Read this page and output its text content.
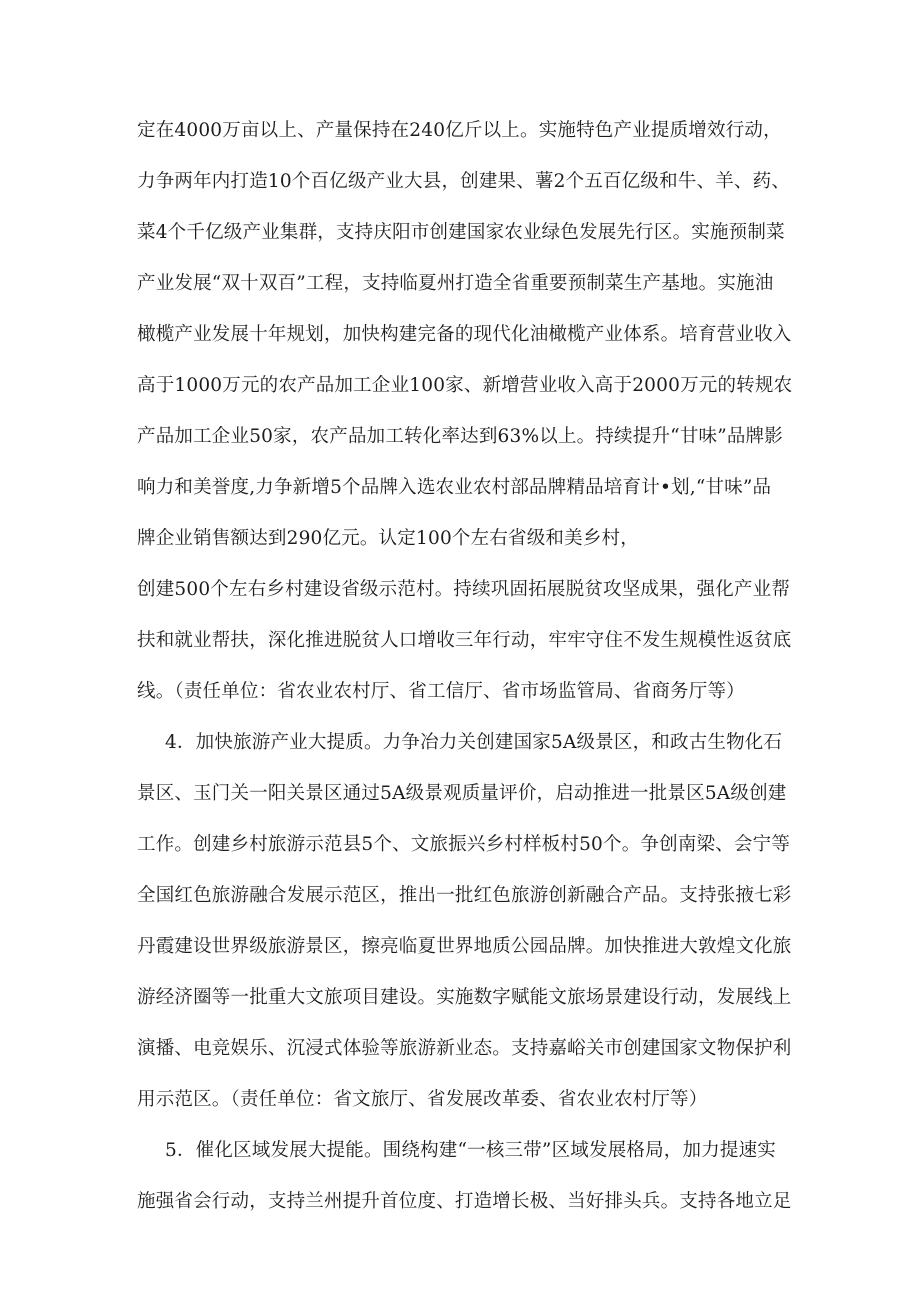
定在4000万亩以上、产量保持在240亿斤以上。实施特色产业提质增效行动，
力争两年内打造10个百亿级产业大县，创建果、薯2个五百亿级和牛、羊、药、
菜4个千亿级产业集群，支持庆阳市创建国家农业绿色发展先行区。实施预制菜
产业发展“双十双百”工程，支持临夏州打造全省重要预制菜生产基地。实施油
橄榄产业发展十年规划，加快构建完备的现代化油橄榄产业体系。培育营业收入
高于1000万元的农产品加工企业100家、新增营业收入高于2000万元的转规农
产品加工企业50家，农产品加工转化率达到63%以上。持续提升“甘味”品牌影
响力和美誉度,力争新增5个品牌入选农业农村部品牌精品培育计•划,“甘味”品
牌企业销售额达到290亿元。认定100个左右省级和美乡村，
创建500个左右乡村建设省级示范村。持续巩固拓展脱贫攻坚成果，强化产业帮
扶和就业帮扶，深化推进脱贫人口增收三年行动，牢牢守住不发生规模性返贫底
线。（责任单位：省农业农村厅、省工信厅、省市场监管局、省商务厅等）
4．加快旅游产业大提质。力争冶力关创建国家5A级景区，和政古生物化石
景区、玉门关一阳关景区通过5A级景观质量评价，启动推进一批景区5A级创建
工作。创建乡村旅游示范县5个、文旅振兴乡村样板村50个。争创南梁、会宁等
全国红色旅游融合发展示范区，推出一批红色旅游创新融合产品。支持张掖七彩
丹霞建设世界级旅游景区，擦亮临夏世界地质公园品牌。加快推进大敦煌文化旅
游经济圈等一批重大文旅项目建设。实施数字赋能文旅场景建设行动，发展线上
演播、电竞娱乐、沉浸式体验等旅游新业态。支持嘉峪关市创建国家文物保护利
用示范区。（责任单位：省文旅厅、省发展改革委、省农业农村厅等）
5．催化区域发展大提能。围绕构建“一核三带”区域发展格局，加力提速实
施强省会行动，支持兰州提升首位度、打造增长极、当好排头兵。支持各地立足
